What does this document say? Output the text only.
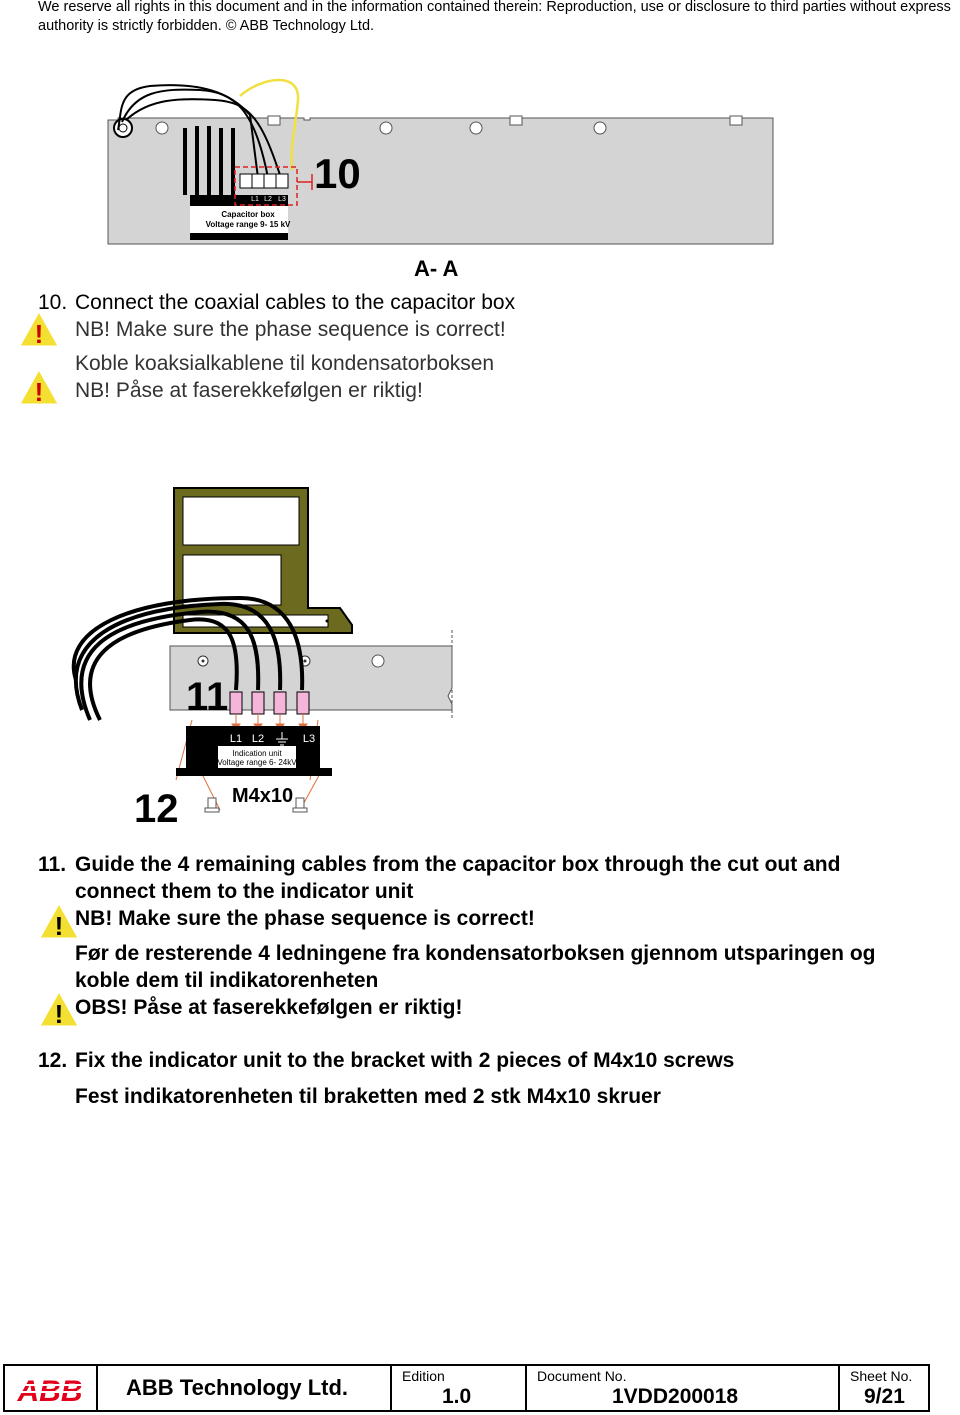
We reserve all rights in this document and in the information contained therein: Reproduction, use or disclosure to third parties without express authority is strictly forbidden. © ABB Technology Ltd.
L1 L2 L3
Capacitor box
Voltage range 9- 15 kV
10
A- A
10. Connect the coaxial cables to the capacitor box
NB! Make sure the phase sequence is correct!
Koble koaksialkablene til kondensatorboksen
NB! Påse at faserekkefølgen er riktig!
!
!
L1 L2	L3
Indication unit
Voltage range 6- 24kV
11
12	M4x10
11. Guide the 4 remaining cables from the capacitor box through the cut out and
connect them to the indicator unit
NB! Make sure the phase sequence is correct!
Før de resterende 4 ledningene fra kondensatorboksen gjennom utsparingen og
koble dem til indikatorenheten
OBS! Påse at faserekkefølgen er riktig!
!
!
12. Fix the indicator unit to the bracket with 2 pieces of M4x10 screws
Fest indikatorenheten til braketten med 2 stk M4x10 skruer
ABB ABB Technology Ltd.	Edition
1.0
Document No.
1VDD200018
Sheet No.
9/21
